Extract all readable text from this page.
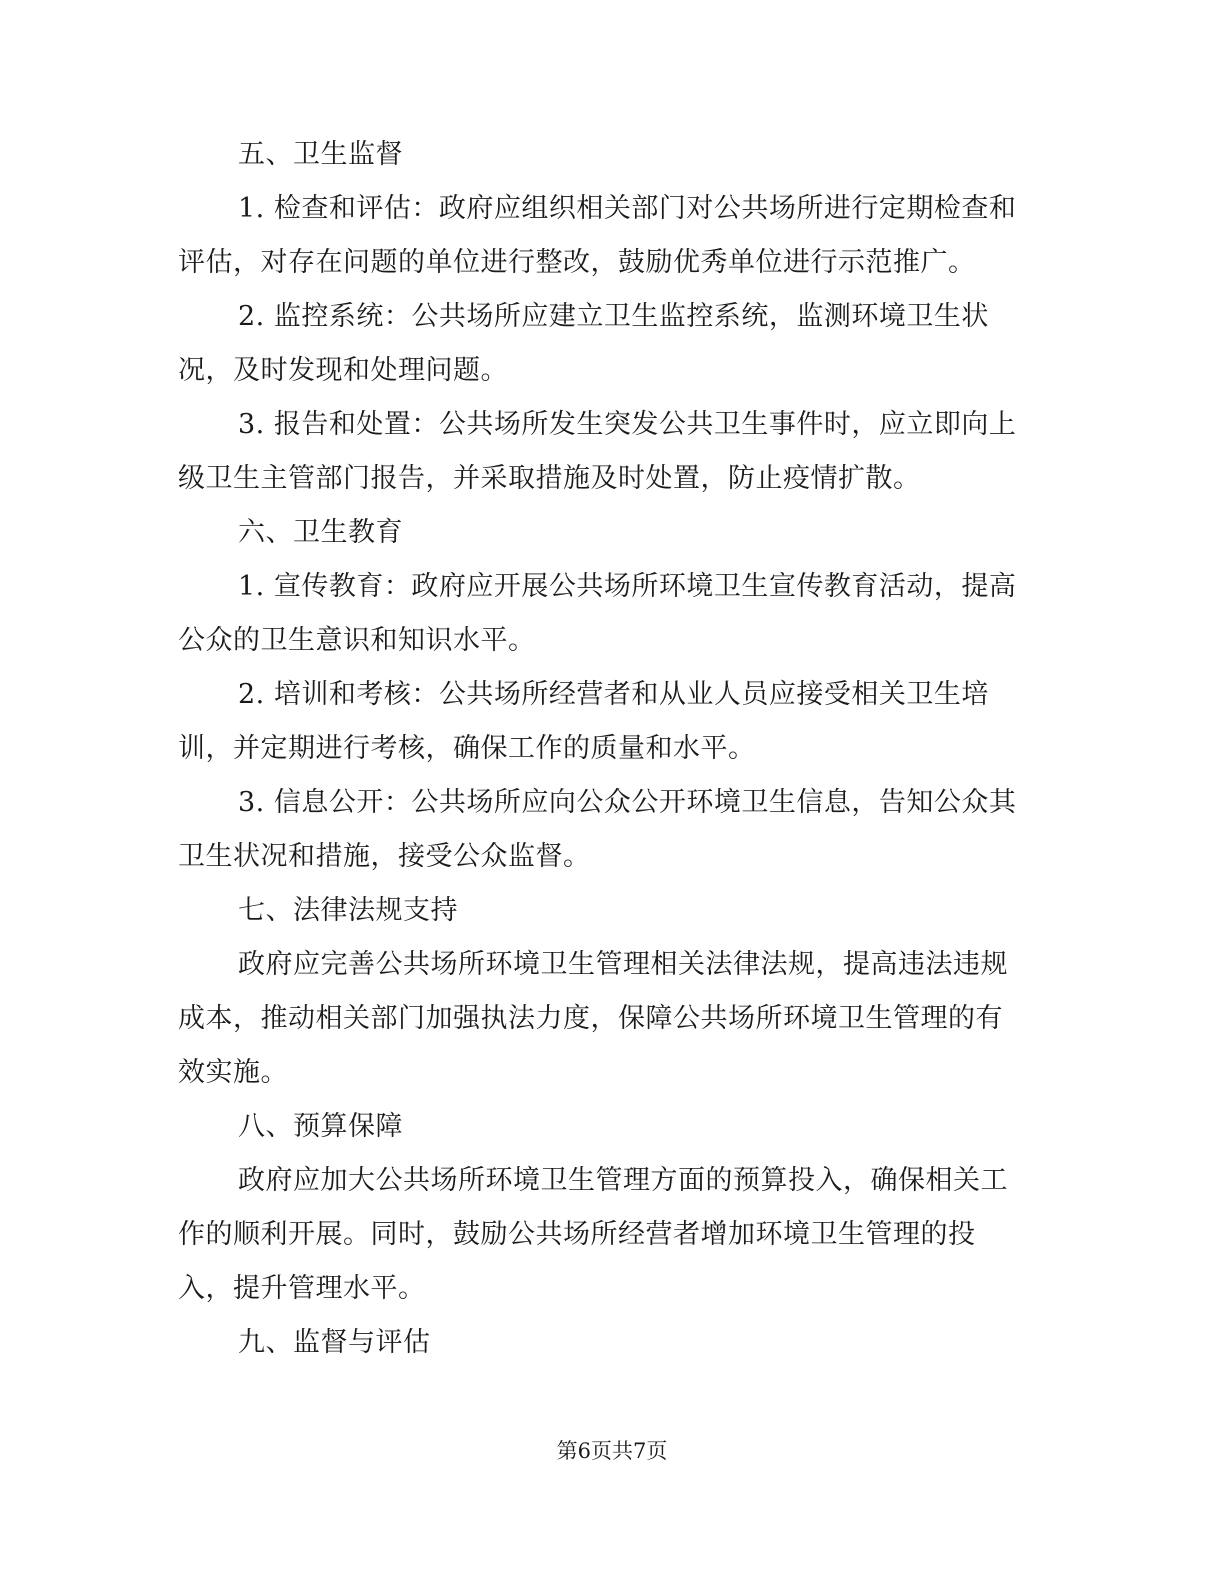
五、卫生监督
1. 检查和评估：政府应组织相关部门对公共场所进行定期检查和
评估，对存在问题的单位进行整改，鼓励优秀单位进行示范推广。
2. 监控系统：公共场所应建立卫生监控系统，监测环境卫生状
况，及时发现和处理问题。
3. 报告和处置：公共场所发生突发公共卫生事件时，应立即向上
级卫生主管部门报告，并采取措施及时处置，防止疫情扩散。
六、卫生教育
1. 宣传教育：政府应开展公共场所环境卫生宣传教育活动，提高
公众的卫生意识和知识水平。
2. 培训和考核：公共场所经营者和从业人员应接受相关卫生培
训，并定期进行考核，确保工作的质量和水平。
3. 信息公开：公共场所应向公众公开环境卫生信息，告知公众其
卫生状况和措施，接受公众监督。
七、法律法规支持
政府应完善公共场所环境卫生管理相关法律法规，提高违法违规
成本，推动相关部门加强执法力度，保障公共场所环境卫生管理的有
效实施。
八、预算保障
政府应加大公共场所环境卫生管理方面的预算投入，确保相关工
作的顺利开展。同时，鼓励公共场所经营者增加环境卫生管理的投
入，提升管理水平。
九、监督与评估
第6页共7页
